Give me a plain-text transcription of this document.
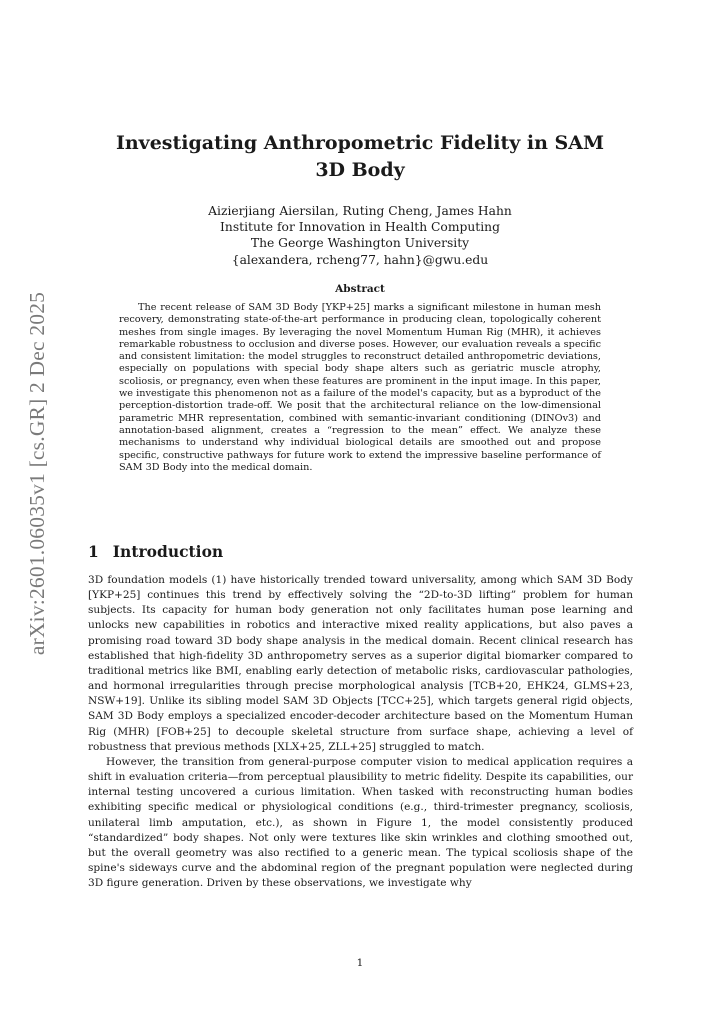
arXiv:2601.06035v1 [cs.GR] 2 Dec 2025
Investigating Anthropometric Fidelity in SAM 3D Body
Aizierjiang Aiersilan, Ruting Cheng, James Hahn
Institute for Innovation in Health Computing
The George Washington University
{alexandera, rcheng77, hahn}@gwu.edu
Abstract

The recent release of SAM 3D Body [YKP+25] marks a significant milestone in human mesh recovery, demonstrating state-of-the-art performance in producing clean, topologically coherent meshes from single images. By leveraging the novel Momentum Human Rig (MHR), it achieves remarkable robustness to occlusion and diverse poses. However, our evaluation reveals a specific and consistent limitation: the model struggles to reconstruct detailed anthropometric deviations, especially on populations with special body shape alters such as geriatric muscle atrophy, scoliosis, or pregnancy, even when these features are prominent in the input image. In this paper, we investigate this phenomenon not as a failure of the model's capacity, but as a byproduct of the perception-distortion trade-off. We posit that the architectural reliance on the low-dimensional parametric MHR representation, combined with semantic-invariant conditioning (DINOv3) and annotation-based alignment, creates a “regression to the mean” effect. We analyze these mechanisms to understand why individual biological details are smoothed out and propose specific, constructive pathways for future work to extend the impressive baseline performance of SAM 3D Body into the medical domain.

1 Introduction

3D foundation models (1) have historically trended toward universality, among which SAM 3D Body [YKP+25] continues this trend by effectively solving the “2D-to-3D lifting” problem for human subjects. Its capacity for human body generation not only facilitates human pose learning and unlocks new capabilities in robotics and interactive mixed reality applications, but also paves a promising road toward 3D body shape analysis in the medical domain. Recent clinical research has established that high-fidelity 3D anthropometry serves as a superior digital biomarker compared to traditional metrics like BMI, enabling early detection of metabolic risks, cardiovascular pathologies, and hormonal irregularities through precise morphological analysis [TCB+20, EHK24, GLMS+23, NSW+19]. Unlike its sibling model SAM 3D Objects [TCC+25], which targets general rigid objects, SAM 3D Body employs a specialized encoder-decoder architecture based on the Momentum Human Rig (MHR) [FOB+25] to decouple skeletal structure from surface shape, achieving a level of robustness that previous methods [XLX+25, ZLL+25] struggled to match.

However, the transition from general-purpose computer vision to medical application requires a shift in evaluation criteria—from perceptual plausibility to metric fidelity. Despite its capabilities, our internal testing uncovered a curious limitation. When tasked with reconstructing human bodies exhibiting specific medical or physiological conditions (e.g., third-trimester pregnancy, scoliosis, unilateral limb amputation, etc.), as shown in Figure 1, the model consistently produced “standardized” body shapes. Not only were textures like skin wrinkles and clothing smoothed out, but the overall geometry was also rectified to a generic mean. The typical scoliosis shape of the spine's sideways curve and the abdominal region of the pregnant population were neglected during 3D figure generation. Driven by these observations, we investigate why

1
